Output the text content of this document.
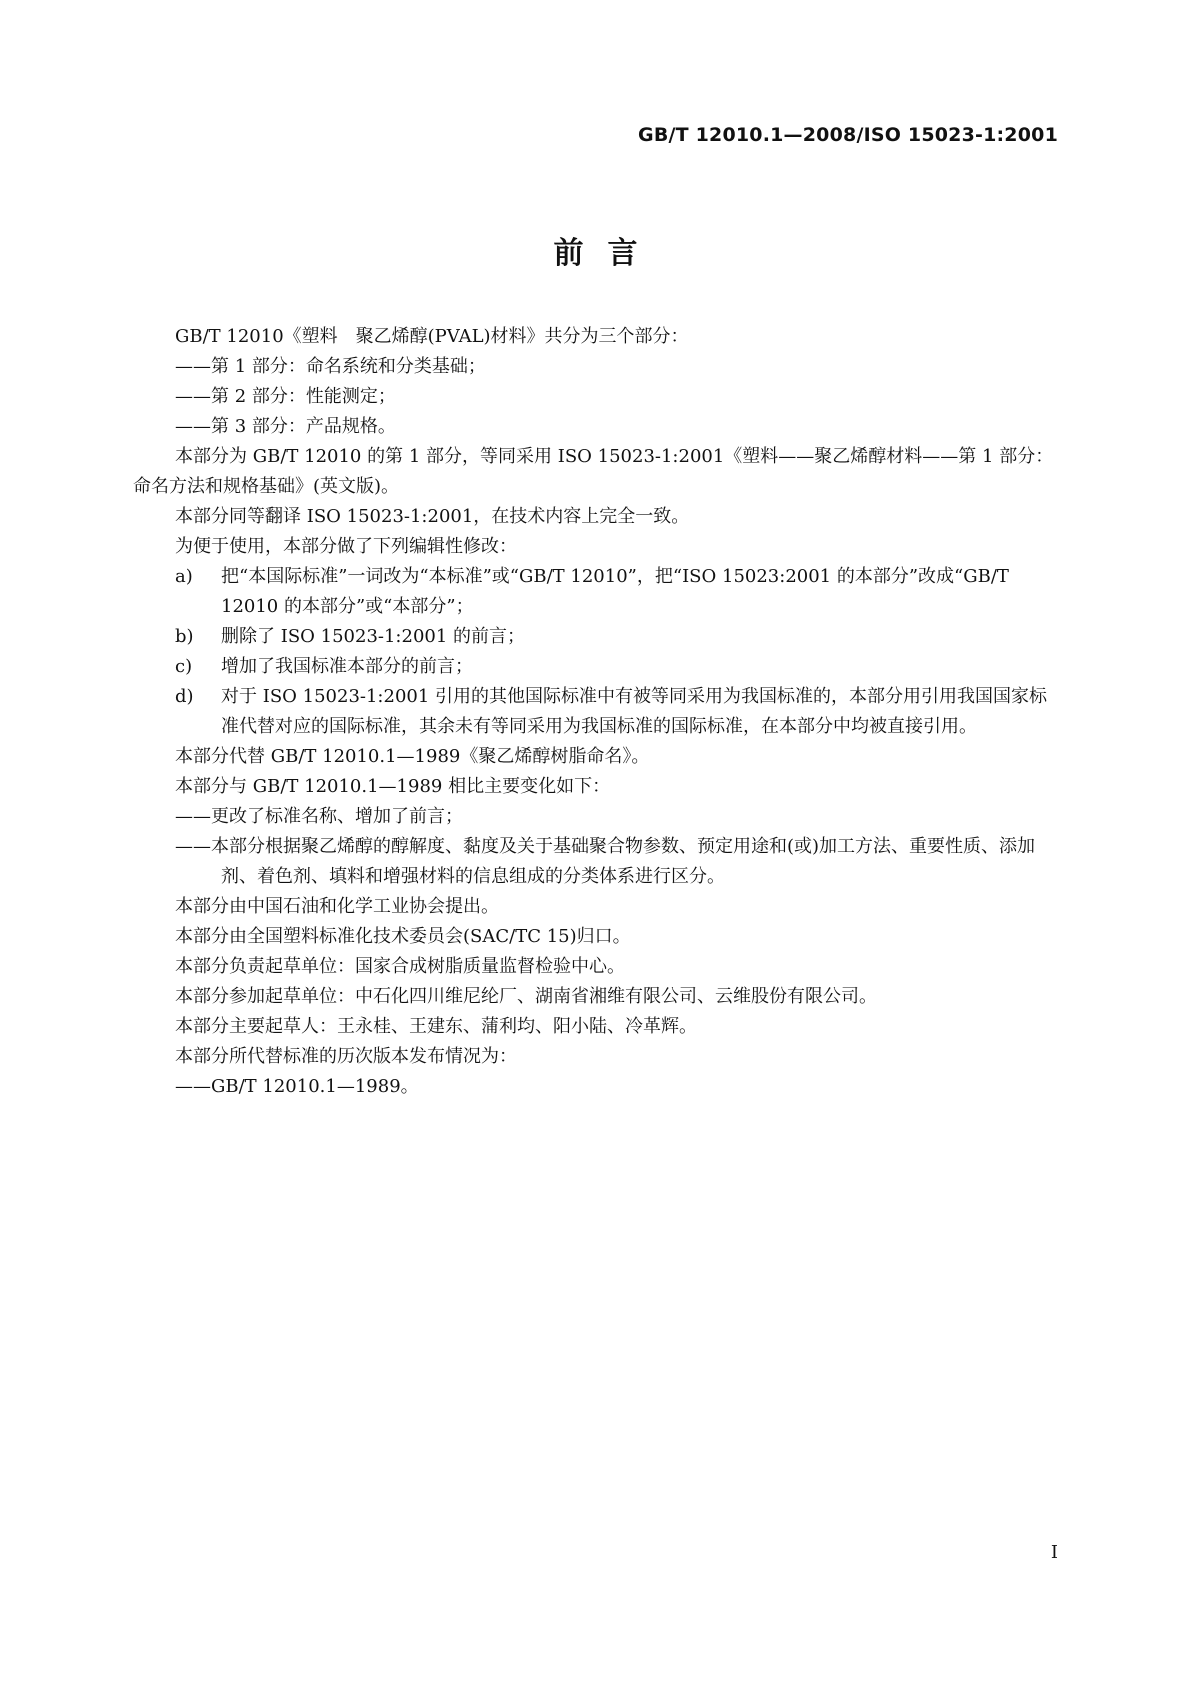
GB/T 12010.1—2008/ISO 15023-1:2001
前言

GB/T 12010《塑料　聚乙烯醇(PVAL)材料》共分为三个部分：

——第 1 部分：命名系统和分类基础；

——第 2 部分：性能测定；

——第 3 部分：产品规格。

本部分为 GB/T 12010 的第 1 部分，等同采用 ISO 15023-1:2001《塑料——聚乙烯醇材料——第 1 部分：命名方法和规格基础》(英文版)。

本部分同等翻译 ISO 15023-1:2001，在技术内容上完全一致。

为便于使用，本部分做了下列编辑性修改：

a) 把“本国际标准”一词改为“本标准”或“GB/T 12010”，把“ISO 15023:2001 的本部分”改成“GB/T 12010 的本部分”或“本部分”；

b) 删除了 ISO 15023-1:2001 的前言；

c) 增加了我国标准本部分的前言；

d) 对于 ISO 15023-1:2001 引用的其他国际标准中有被等同采用为我国标准的，本部分用引用我国国家标准代替对应的国际标准，其余未有等同采用为我国标准的国际标准，在本部分中均被直接引用。

本部分代替 GB/T 12010.1—1989《聚乙烯醇树脂命名》。

本部分与 GB/T 12010.1—1989 相比主要变化如下：

——更改了标准名称、增加了前言；

——本部分根据聚乙烯醇的醇解度、黏度及关于基础聚合物参数、预定用途和(或)加工方法、重要性质、添加剂、着色剂、填料和增强材料的信息组成的分类体系进行区分。

本部分由中国石油和化学工业协会提出。

本部分由全国塑料标准化技术委员会(SAC/TC 15)归口。

本部分负责起草单位：国家合成树脂质量监督检验中心。

本部分参加起草单位：中石化四川维尼纶厂、湖南省湘维有限公司、云维股份有限公司。

本部分主要起草人：王永桂、王建东、蒲利均、阳小陆、冷革辉。

本部分所代替标准的历次版本发布情况为：

——GB/T 12010.1—1989。

I
